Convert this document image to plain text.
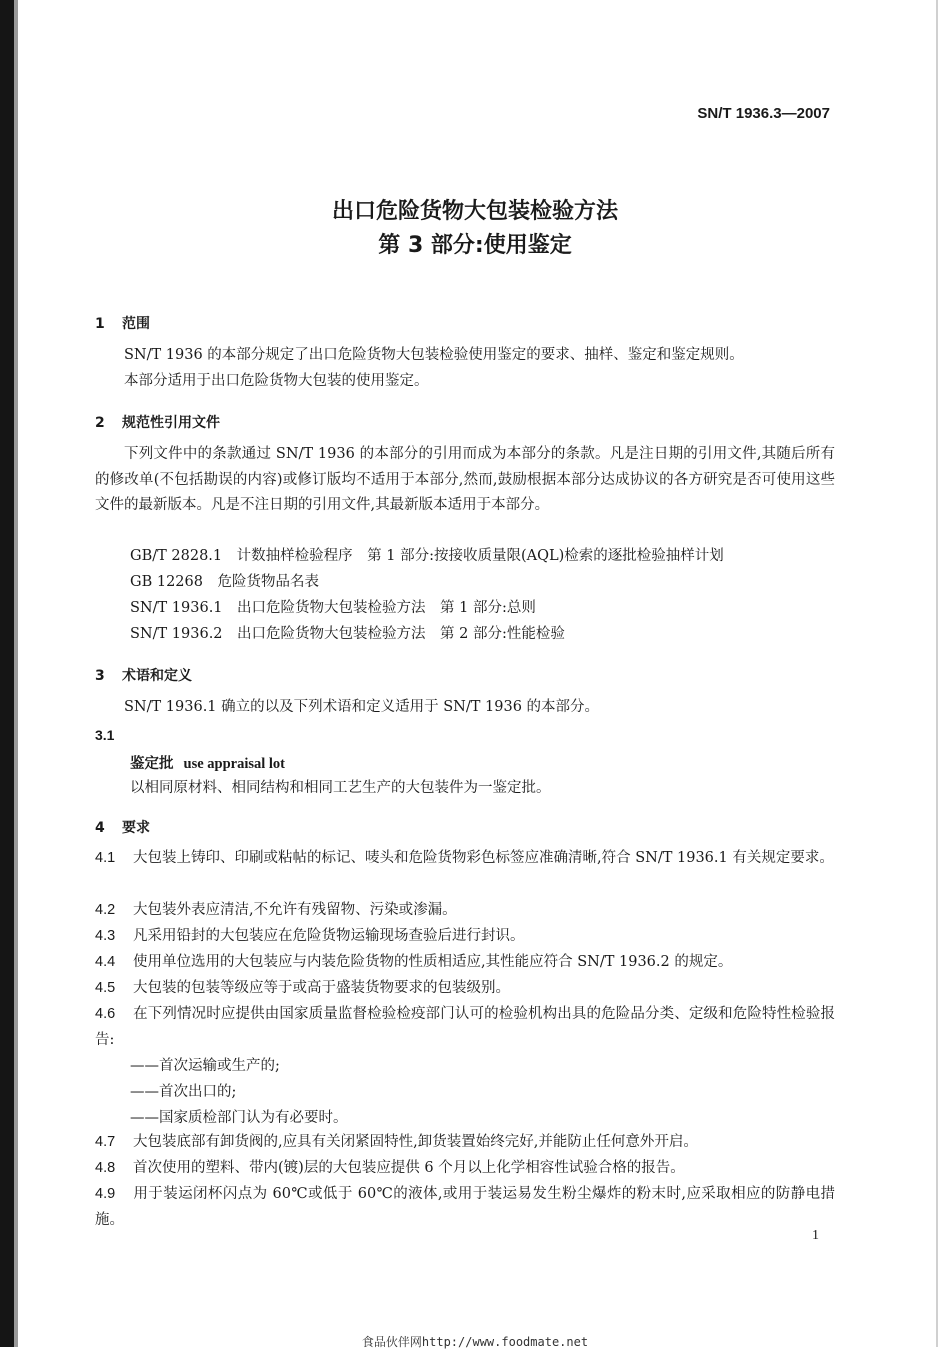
SN/T 1936.3—2007
出口危险货物大包装检验方法
第 3 部分:使用鉴定
1 范围
SN/T 1936 的本部分规定了出口危险货物大包装检验使用鉴定的要求、抽样、鉴定和鉴定规则。
本部分适用于出口危险货物大包装的使用鉴定。
2 规范性引用文件
下列文件中的条款通过 SN/T 1936 的本部分的引用而成为本部分的条款。凡是注日期的引用文件,其随后所有的修改单(不包括勘误的内容)或修订版均不适用于本部分,然而,鼓励根据本部分达成协议的各方研究是否可使用这些文件的最新版本。凡是不注日期的引用文件,其最新版本适用于本部分。
GB/T 2828.1　计数抽样检验程序　第 1 部分:按接收质量限(AQL)检索的逐批检验抽样计划
GB 12268　危险货物品名表
SN/T 1936.1　出口危险货物大包装检验方法　第 1 部分:总则
SN/T 1936.2　出口危险货物大包装检验方法　第 2 部分:性能检验
3 术语和定义
SN/T 1936.1 确立的以及下列术语和定义适用于 SN/T 1936 的本部分。
3.1
鉴定批 use appraisal lot
以相同原材料、相同结构和相同工艺生产的大包装件为一鉴定批。
4 要求
4.1 大包装上铸印、印刷或粘帖的标记、唛头和危险货物彩色标签应准确清晰,符合 SN/T 1936.1 有关规定要求。
4.2 大包装外表应清洁,不允许有残留物、污染或渗漏。
4.3 凡采用铅封的大包装应在危险货物运输现场查验后进行封识。
4.4 使用单位选用的大包装应与内装危险货物的性质相适应,其性能应符合 SN/T 1936.2 的规定。
4.5 大包装的包装等级应等于或高于盛装货物要求的包装级别。
4.6 在下列情况时应提供由国家质量监督检验检疫部门认可的检验机构出具的危险品分类、定级和危险特性检验报告:
——首次运输或生产的;
——首次出口的;
——国家质检部门认为有必要时。
4.7 大包装底部有卸货阀的,应具有关闭紧固特性,卸货装置始终完好,并能防止任何意外开启。
4.8 首次使用的塑料、带内(镀)层的大包装应提供 6 个月以上化学相容性试验合格的报告。
4.9 用于装运闭杯闪点为 60℃或低于 60℃的液体,或用于装运易发生粉尘爆炸的粉末时,应采取相应的防静电措施。
1
食品伙伴网http://www.foodmate.net
